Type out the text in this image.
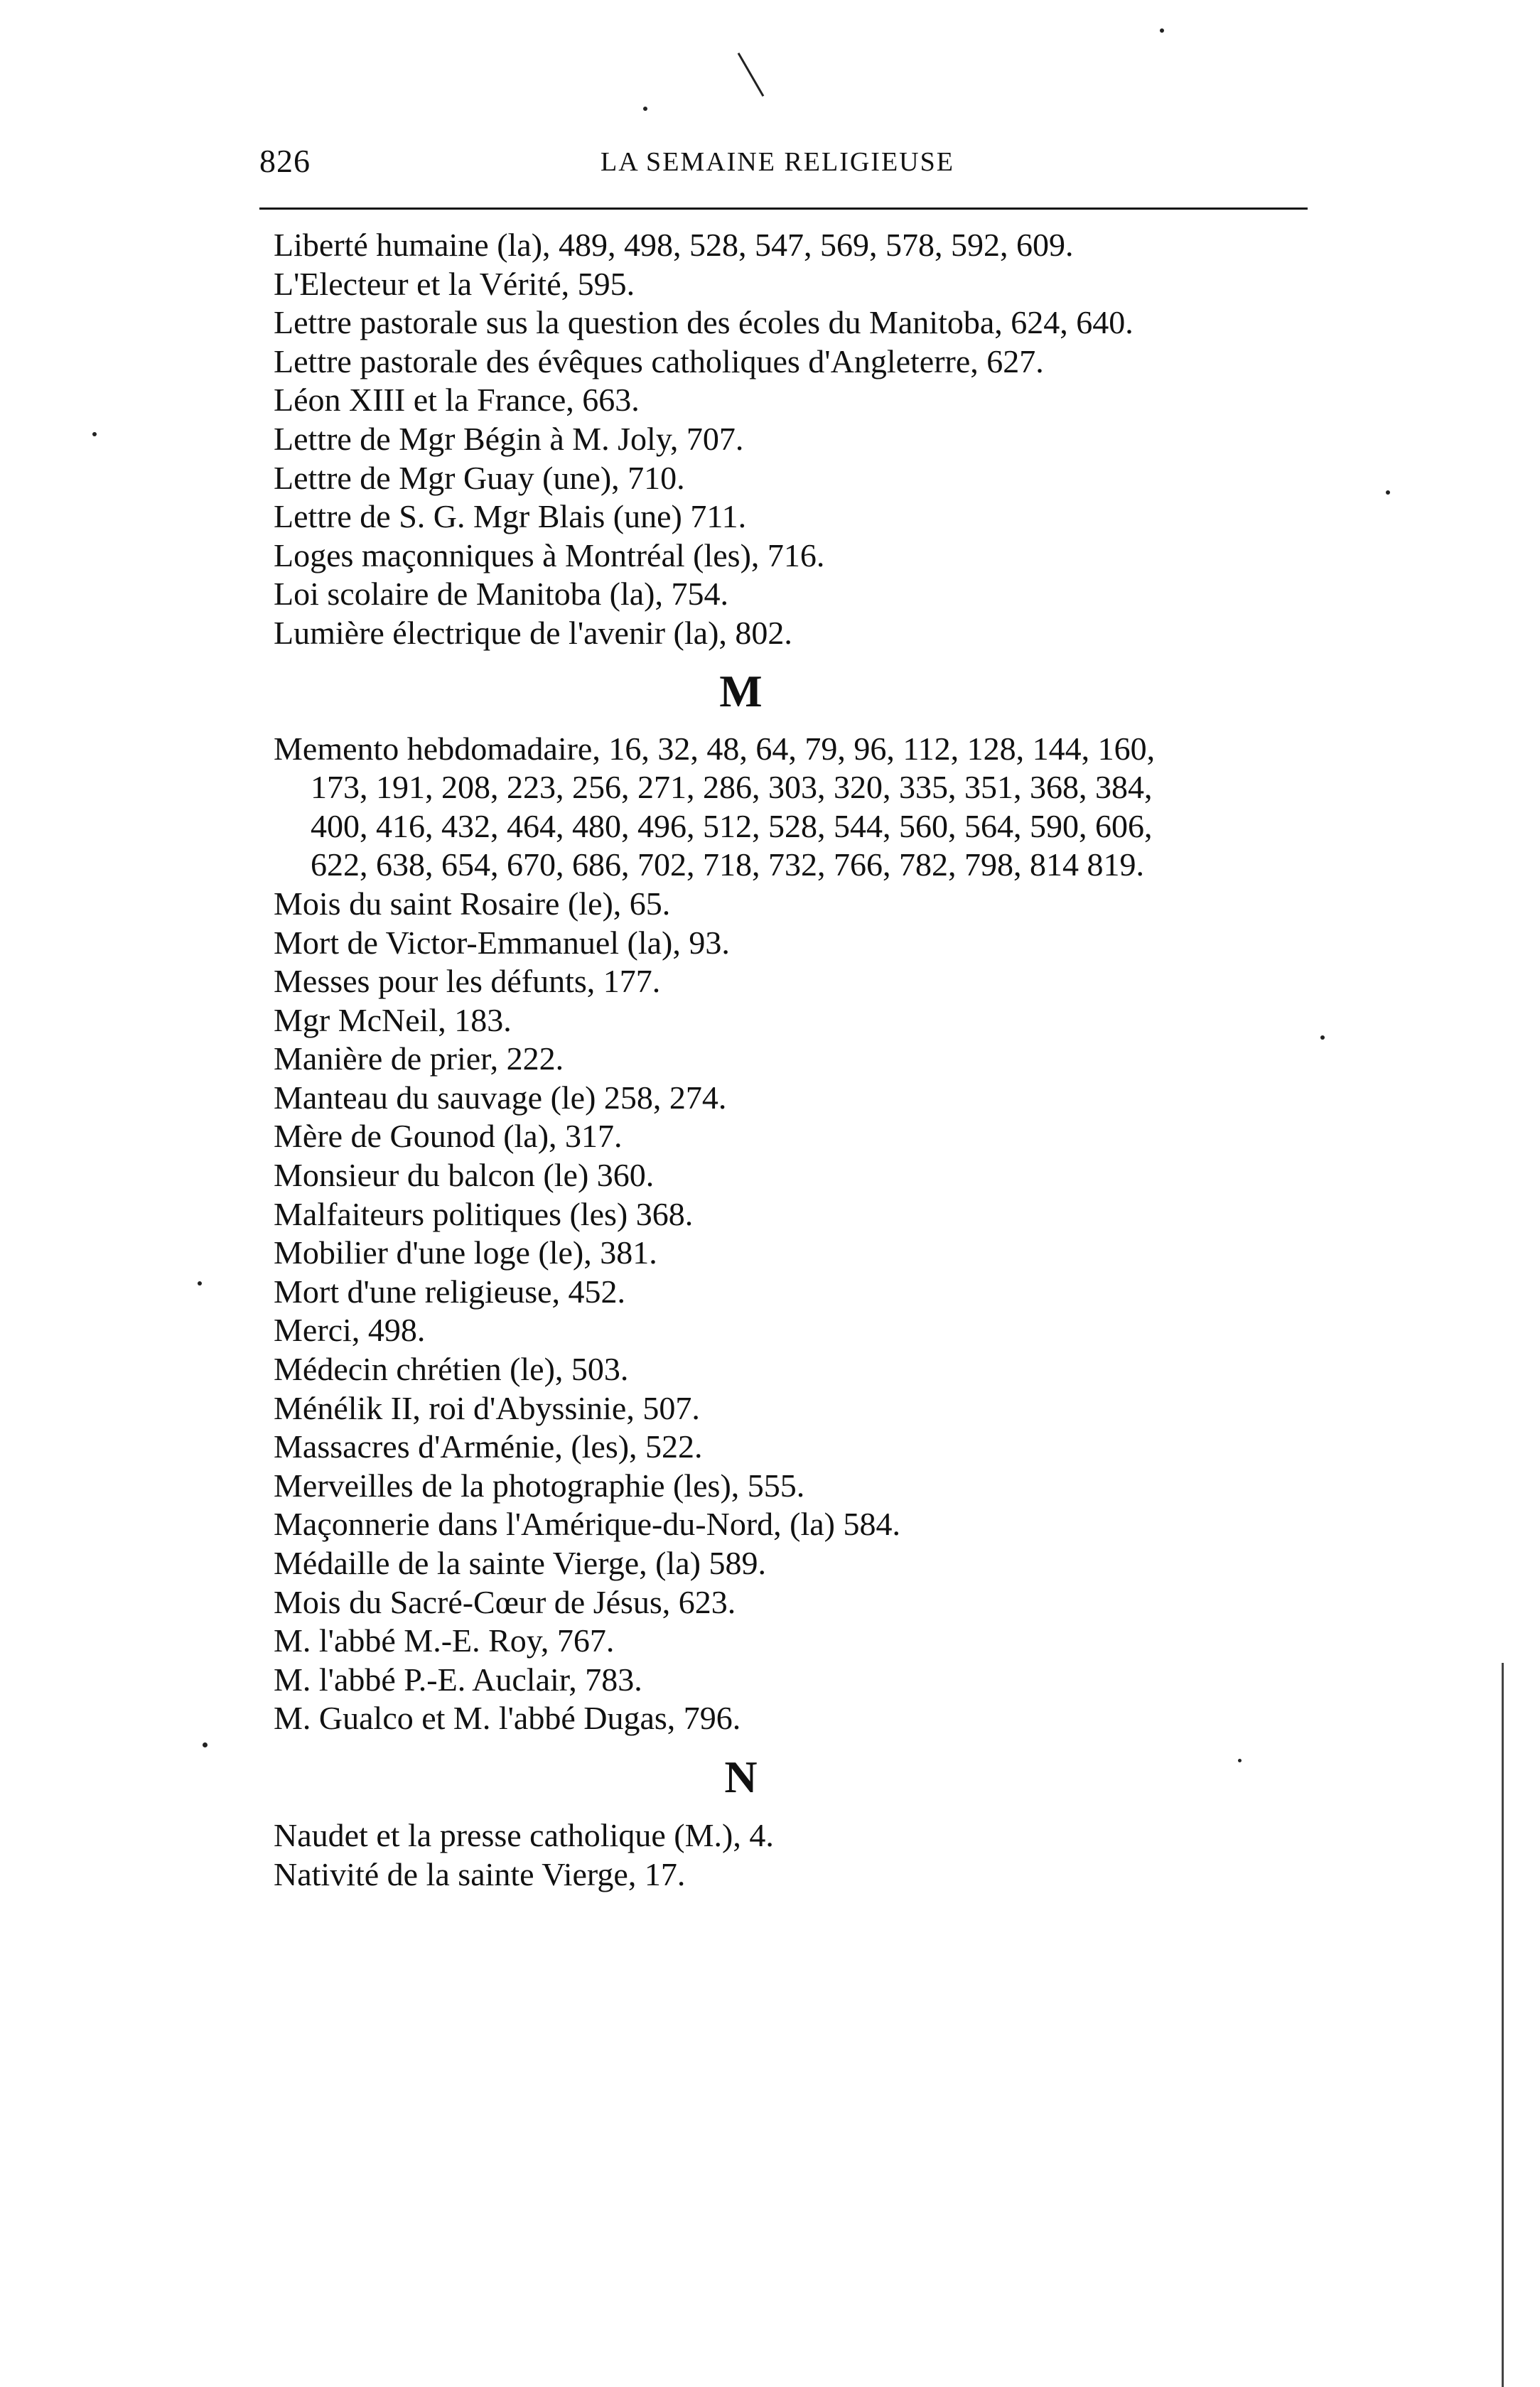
826	LA SEMAINE RELIGIEUSE
Liberté humaine (la), 489, 498, 528, 547, 569, 578, 592, 609.
L'Electeur et la Vérité, 595.
Lettre pastorale sus la question des écoles du Manitoba, 624, 640.
Lettre pastorale des évêques catholiques d'Angleterre, 627.
Léon XIII et la France, 663.
Lettre de Mgr Bégin à M. Joly, 707.
Lettre de Mgr Guay (une), 710.
Lettre de S. G. Mgr Blais (une) 711.
Loges maçonniques à Montréal (les), 716.
Loi scolaire de Manitoba (la), 754.
Lumière électrique de l'avenir (la), 802.
M
Memento hebdomadaire, 16, 32, 48, 64, 79, 96, 112, 128, 144, 160,
173, 191, 208, 223, 256, 271, 286, 303, 320, 335, 351, 368, 384,
400, 416, 432, 464, 480, 496, 512, 528, 544, 560, 564, 590, 606,
622, 638, 654, 670, 686, 702, 718, 732, 766, 782, 798, 814 819.
Mois du saint Rosaire (le), 65.
Mort de Victor-Emmanuel (la), 93.
Messes pour les défunts, 177.
Mgr McNeil, 183.
Manière de prier, 222.
Manteau du sauvage (le) 258, 274.
Mère de Gounod (la), 317.
Monsieur du balcon (le) 360.
Malfaiteurs politiques (les) 368.
Mobilier d'une loge (le), 381.
Mort d'une religieuse, 452.
Merci, 498.
Médecin chrétien (le), 503.
Ménélik II, roi d'Abyssinie, 507.
Massacres d'Arménie, (les), 522.
Merveilles de la photographie (les), 555.
Maçonnerie dans l'Amérique-du-Nord, (la) 584.
Médaille de la sainte Vierge, (la) 589.
Mois du Sacré-Cœur de Jésus, 623.
M. l'abbé M.-E. Roy, 767.
M. l'abbé P.-E. Auclair, 783.
M. Gualco et M. l'abbé Dugas, 796.
N
Naudet et la presse catholique (M.), 4.
Nativité de la sainte Vierge, 17.
